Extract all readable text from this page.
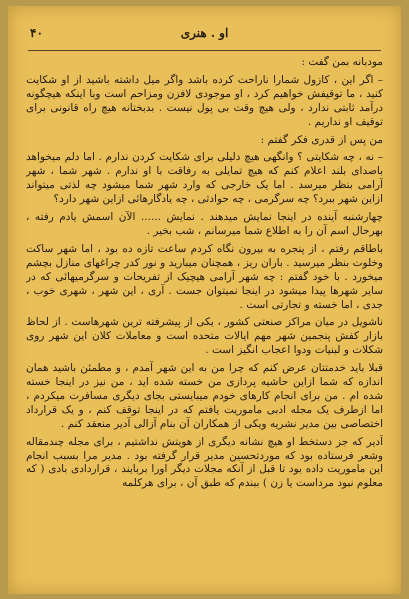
۴۰	او . هنری

مودبانه بمن گفت :

– اگر این ، کازول شمارا ناراحت کرده باشد واگر میل داشته باشید از او شکایت کنید ، ما توقیفش خواهیم کرد ، او موجودی لافزن ومزاحم است وبا اینکه هیچگونه درآمد ثابتی ندارد ، ولی هیچ وقت بی پول نیست . بدبختانه هیچ راه قانونی برای توقیف او نداریم .

من پس از قدری فکر گفتم :

– نه ، چه شکایتی ؟ وانگهی هیچ دلیلی برای شکایت کردن ندارم . اما دلم میخواهد باصدای بلند اعلام کنم که هیچ تمایلی به رفاقت با او ندارم . شهر شما ، شهر آرامی بنظر میرسد . اما یک خارجی که وارد شهر شما میشود چه لذتی میتواند ازاین شهر ببرد؟ چه سرگرمی ، چه حوادثی ، چه یادگارهائی ازاین شهر دارد؟

چهارشنبه آینده در اینجا نمایش میدهند . نمایش ...... الآن اسمش یادم رفته ، بهرحال اسم آن را به اطلاع شما میرسانم ، شب بخیر .

باطاقم رفتم ، از پنجره به بیرون نگاه کردم ساعت تازه ده بود ، اما شهر ساکت وخلوت بنظر میرسید . باران ریز ، همچنان میبارید و نور کدر چراغهای منازل بچشم میخورد . با خود گفتم : چه شهر آرامی هیچیک از تفریحات و سرگرمیهائی که در سایر شهرها پیدا میشود در اینجا نمیتوان جست . آری ، این شهر ، شهری خوب ، جدی ، اما خسته و تجارتی است .

ناشویل در میان مراکز صنعتی کشور ، یکی از پیشرفته ترین شهرهاست . از لحاظ بازار کفش پنجمین شهر مهم ایالات متحده است و معاملات کلان این شهر روی شکلات و لبنیات ودوا اعجاب انگیز است .

قبلا باید خدمتتان عرض کنم که چرا من به این شهر آمدم ، و مطمئن باشید همان اندازه که شما ازاین حاشیه پردازی من خسته شده اید ، من نیز در اینجا خسته شده ام . من برای انجام کارهای خودم میبایستی بجای دیگری مسافرت میکردم ، اما ازطرف یک مجله ادبی ماموریت یافتم که در اینجا توقف کنم ، و یک قرارداد اختصاصی بین مدیر نشریه ویکی از همکاران آن بنام آزالی آدیر منعقد کنم .

آدیر که جز دستخط او هیچ نشانه دیگری از هویتش نداشتیم ، برای مجله چندمقاله وشعر فرستاده بود که موردتحسین مدیر قرار گرفته بود . مدیر مرا بسبب انجام این ماموریت داده بود تا قبل از آنکه مجلات دیگر اورا بربایند ، قراردادی بادی ( که معلوم نبود مرداست یا زن ) ببندم که طبق آن ، برای هرکلمه
